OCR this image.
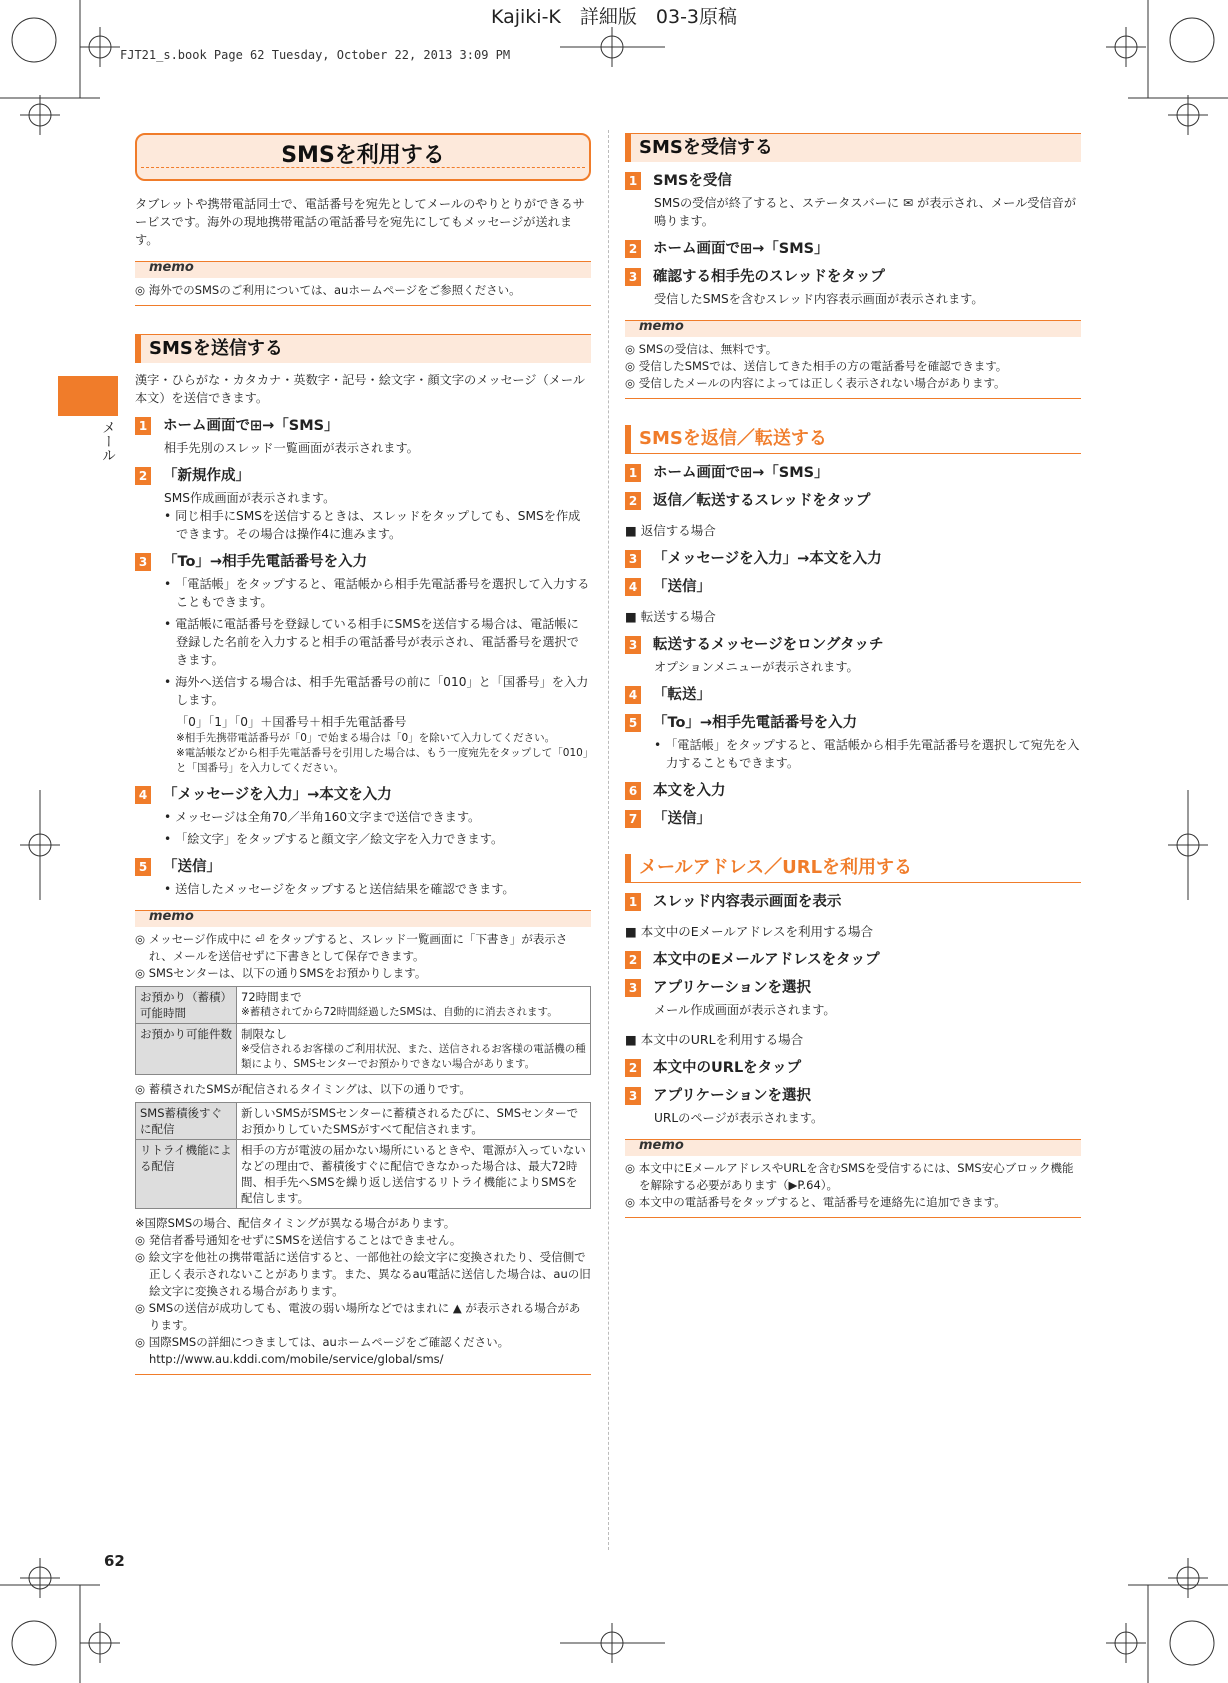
Kajiki-K　詳細版　03-3原稿
FJT21_s.book Page 62 Tuesday, October 22, 2013 3:09 PM
メール
62
SMSを利用する

タブレットや携帯電話同士で、電話番号を宛先としてメールのやりとりができるサービスです。海外の現地携帯電話の電話番号を宛先にしてもメッセージが送れます。

memo
◎ 海外でのSMSのご利用については、auホームページをご参照ください。
SMSを送信する

漢字・ひらがな・カタカナ・英数字・記号・絵文字・顔文字のメッセージ（メール本文）を送信できます。

1 ホーム画面で⊞→「SMS」
相手先別のスレッド一覧画面が表示されます。
2 「新規作成」
SMS作成画面が表示されます。
• 同じ相手にSMSを送信するときは、スレッドをタップしても、SMSを作成できます。その場合は操作4に進みます。
3 「To」→相手先電話番号を入力
• 「電話帳」をタップすると、電話帳から相手先電話番号を選択して入力することもできます。
• 電話帳に電話番号を登録している相手にSMSを送信する場合は、電話帳に登録した名前を入力すると相手の電話番号が表示され、電話番号を選択できます。
• 海外へ送信する場合は、相手先電話番号の前に「010」と「国番号」を入力します。
「0」「1」「0」＋国番号＋相手先電話番号
※相手先携帯電話番号が「0」で始まる場合は「0」を除いて入力してください。
※電話帳などから相手先電話番号を引用した場合は、もう一度宛先をタップして「010」と「国番号」を入力してください。
4 「メッセージを入力」→本文を入力
• メッセージは全角70／半角160文字まで送信できます。
• 「絵文字」をタップすると顔文字／絵文字を入力できます。
5 「送信」
• 送信したメッセージをタップすると送信結果を確認できます。
memo
◎ メッセージ作成中に ⏎ をタップすると、スレッド一覧画面に「下書き」が表示され、メールを送信せずに下書きとして保存できます。
◎ SMSセンターは、以下の通りSMSをお預かりします。
お預かり（蓄積）可能時間	72時間まで
※蓄積されてから72時間経過したSMSは、自動的に消去されます。

お預かり可能件数	制限なし
※受信されるお客様のご利用状況、また、送信されるお客様の電話機の種類により、SMSセンターでお預かりできない場合があります。
◎ 蓄積されたSMSが配信されるタイミングは、以下の通りです。
SMS蓄積後すぐに配信	新しいSMSがSMSセンターに蓄積されるたびに、SMSセンターでお預かりしていたSMSがすべて配信されます。
リトライ機能による配信	相手の方が電波の届かない場所にいるときや、電源が入っていないなどの理由で、蓄積後すぐに配信できなかった場合は、最大72時間、相手先へSMSを繰り返し送信するリトライ機能によりSMSを配信します。
※国際SMSの場合、配信タイミングが異なる場合があります。
◎ 発信者番号通知をせずにSMSを送信することはできません。
◎ 絵文字を他社の携帯電話に送信すると、一部他社の絵文字に変換されたり、受信側で正しく表示されないことがあります。また、異なるau電話に送信した場合は、auの旧絵文字に変換される場合があります。
◎ SMSの送信が成功しても、電波の弱い場所などではまれに ▲ が表示される場合があります。
◎ 国際SMSの詳細につきましては、auホームページをご確認ください。http://www.au.kddi.com/mobile/service/global/sms/
SMSを受信する
1 SMSを受信
SMSの受信が終了すると、ステータスバーに ✉ が表示され、メール受信音が鳴ります。
2 ホーム画面で⊞→「SMS」
3 確認する相手先のスレッドをタップ
受信したSMSを含むスレッド内容表示画面が表示されます。
memo
◎ SMSの受信は、無料です。
◎ 受信したSMSでは、送信してきた相手の方の電話番号を確認できます。
◎ 受信したメールの内容によっては正しく表示されない場合があります。
SMSを返信／転送する
1 ホーム画面で⊞→「SMS」
2 返信／転送するスレッドをタップ
■ 返信する場合
3 「メッセージを入力」→本文を入力
4 「送信」
■ 転送する場合
3 転送するメッセージをロングタッチ
オプションメニューが表示されます。
4 「転送」
5 「To」→相手先電話番号を入力
• 「電話帳」をタップすると、電話帳から相手先電話番号を選択して宛先を入力することもできます。
6 本文を入力
7 「送信」
メールアドレス／URLを利用する
1 スレッド内容表示画面を表示
■ 本文中のEメールアドレスを利用する場合
2 本文中のEメールアドレスをタップ
3 アプリケーションを選択
メール作成画面が表示されます。
■ 本文中のURLを利用する場合
2 本文中のURLをタップ
3 アプリケーションを選択
URLのページが表示されます。
memo
◎ 本文中にEメールアドレスやURLを含むSMSを受信するには、SMS安心ブロック機能を解除する必要があります（▶P.64）。
◎ 本文中の電話番号をタップすると、電話番号を連絡先に追加できます。
